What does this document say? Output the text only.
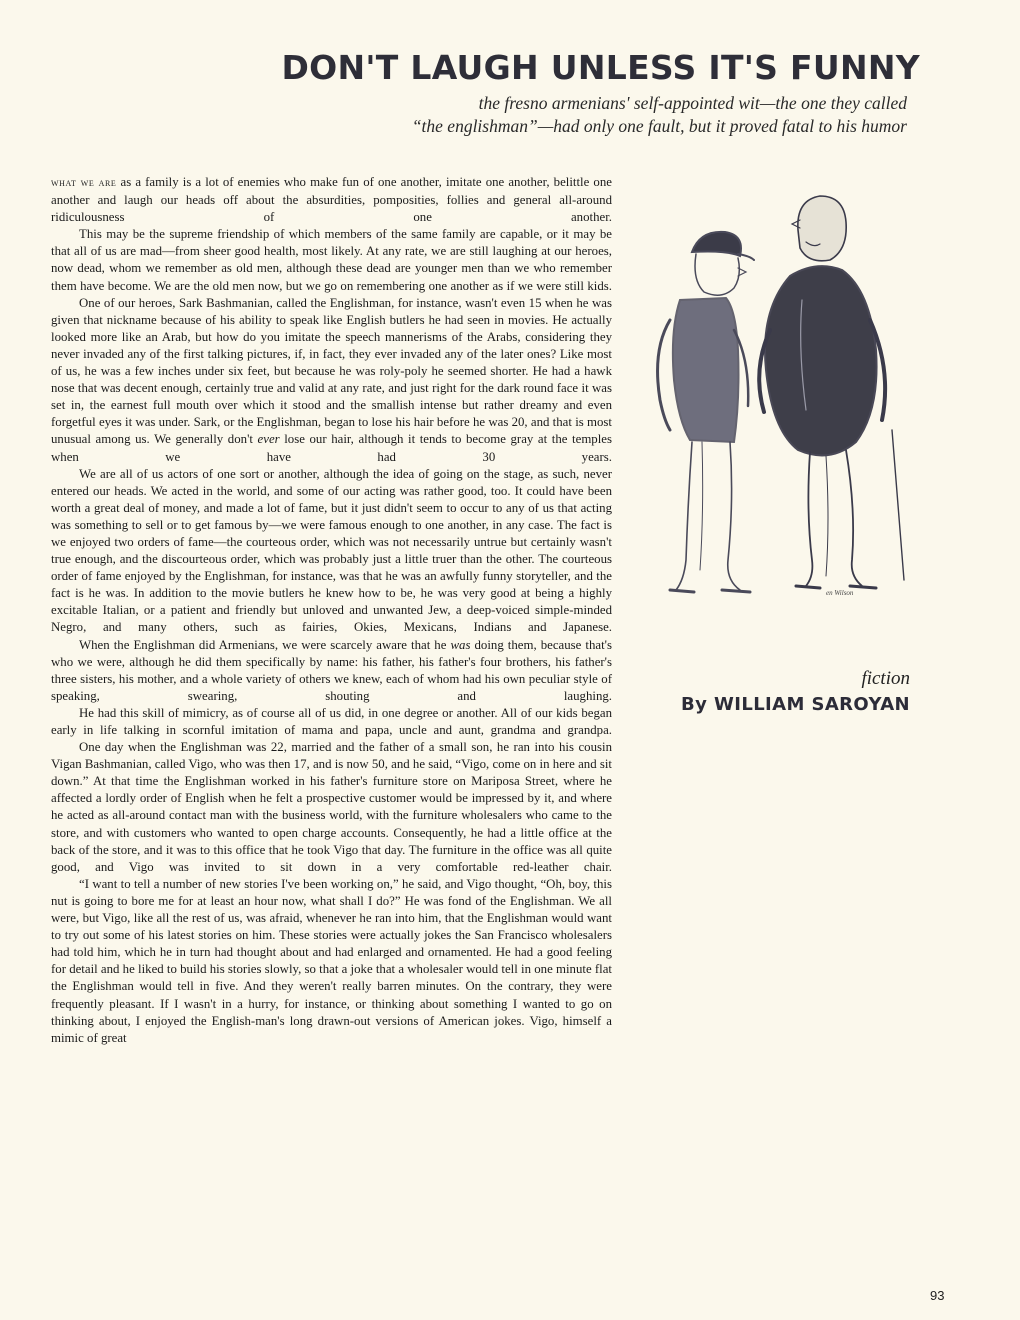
DON'T LAUGH UNLESS IT'S FUNNY
the fresno armenians' self-appointed wit—the one they called
“the englishman”—had only one fault, but it proved fatal to his humor

what we are as a family is a lot of enemies who make fun of one another, imitate one another, belittle one another and laugh our heads off about the absurdities, pomposities, follies and general all-around ridiculousness of one another.

This may be the supreme friendship of which members of the same family are capable, or it may be that all of us are mad—from sheer good health, most likely. At any rate, we are still laughing at our heroes, now dead, whom we remember as old men, although these dead are younger men than we who remember them have become. We are the old men now, but we go on remembering one another as if we were still kids.

One of our heroes, Sark Bashmanian, called the Englishman, for instance, wasn't even 15 when he was given that nickname because of his ability to speak like English butlers he had seen in movies. He actually looked more like an Arab, but how do you imitate the speech mannerisms of the Arabs, considering they never invaded any of the first talking pictures, if, in fact, they ever invaded any of the later ones? Like most of us, he was a few inches under six feet, but because he was roly-poly he seemed shorter. He had a hawk nose that was decent enough, certainly true and valid at any rate, and just right for the dark round face it was set in, the earnest full mouth over which it stood and the smallish intense but rather dreamy and even forgetful eyes it was under. Sark, or the Englishman, began to lose his hair before he was 20, and that is most unusual among us. We generally don't ever lose our hair, although it tends to become gray at the temples when we have had 30 years.

We are all of us actors of one sort or another, although the idea of going on the stage, as such, never entered our heads. We acted in the world, and some of our acting was rather good, too. It could have been worth a great deal of money, and made a lot of fame, but it just didn't seem to occur to any of us that acting was something to sell or to get famous by—we were famous enough to one another, in any case. The fact is we enjoyed two orders of fame—the courteous order, which was not necessarily untrue but certainly wasn't true enough, and the discourteous order, which was probably just a little truer than the other. The courteous order of fame enjoyed by the Englishman, for instance, was that he was an awfully funny storyteller, and the fact is he was. In addition to the movie butlers he knew how to be, he was very good at being a highly excitable Italian, or a patient and friendly but unloved and unwanted Jew, a deep-voiced simple-minded Negro, and many others, such as fairies, Okies, Mexicans, Indians and Japanese.

When the Englishman did Armenians, we were scarcely aware that he was doing them, because that's who we were, although he did them specifically by name: his father, his father's four brothers, his father's three sisters, his mother, and a whole variety of others we knew, each of whom had his own peculiar style of speaking, swearing, shouting and laughing.

He had this skill of mimicry, as of course all of us did, in one degree or another. All of our kids began early in life talking in scornful imitation of mama and papa, uncle and aunt, grandma and grandpa.

One day when the Englishman was 22, married and the father of a small son, he ran into his cousin Vigan Bashmanian, called Vigo, who was then 17, and is now 50, and he said, “Vigo, come on in here and sit down.” At that time the Englishman worked in his father's furniture store on Mariposa Street, where he affected a lordly order of English when he felt a prospective customer would be impressed by it, and where he acted as all-around contact man with the business world, with the furniture wholesalers who came to the store, and with customers who wanted to open charge accounts. Consequently, he had a little office at the back of the store, and it was to this office that he took Vigo that day. The furniture in the office was all quite good, and Vigo was invited to sit down in a very comfortable red-leather chair.

“I want to tell a number of new stories I've been working on,” he said, and Vigo thought, “Oh, boy, this nut is going to bore me for at least an hour now, what shall I do?” He was fond of the Englishman. We all were, but Vigo, like all the rest of us, was afraid, whenever he ran into him, that the Englishman would want to try out some of his latest stories on him. These stories were actually jokes the San Francisco wholesalers had told him, which he in turn had thought about and had enlarged and ornamented. He had a good feeling for detail and he liked to build his stories slowly, so that a joke that a wholesaler would tell in one minute flat the Englishman would tell in five. And they weren't really barren minutes. On the contrary, they were frequently pleasant. If I wasn't in a hurry, for instance, or thinking about something I wanted to go on thinking about, I enjoyed the English-man's long drawn-out versions of American jokes. Vigo, himself a mimic of great

en Wilson
fiction
By WILLIAM SAROYAN
93
